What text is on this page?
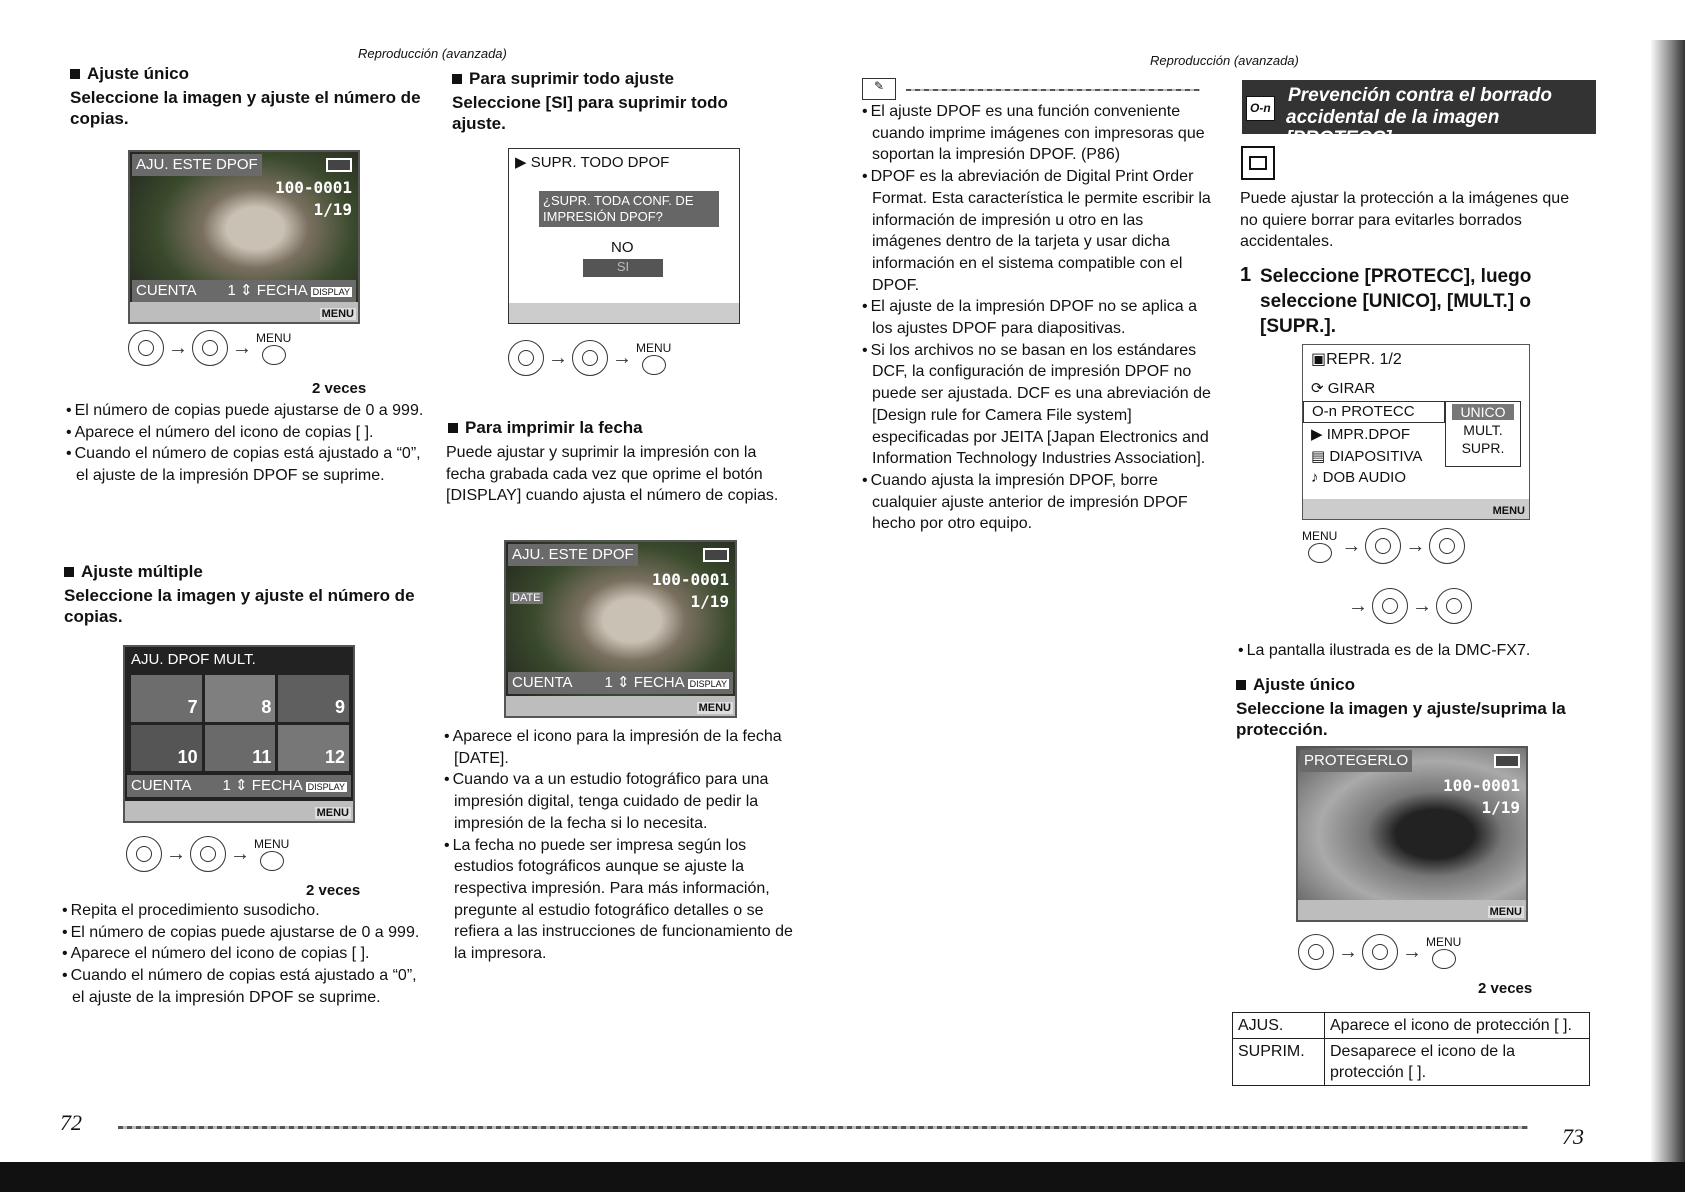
Reproducción (avanzada)	Reproducción (avanzada)
Ajuste único
Seleccione la imagen y ajuste el número de copias.
AJU. ESTE DPOF
100-0001
1/19
CUENTA 1 ⇕ FECHA DISPLAY
MENU
→ → MENU
2 veces
• El número de copias puede ajustarse de 0 a 999.
• Aparece el número del icono de copias [ ].
• Cuando el número de copias está ajustado a “0”, el ajuste de la impresión DPOF se suprime.
Ajuste múltiple
Seleccione la imagen y ajuste el número de copias.
AJU. DPOF MULT.
7	8	9
10	11	12
CUENTA 1 ⇕ FECHA DISPLAY
MENU
→ → MENU
2 veces
• Repita el procedimiento susodicho.
• El número de copias puede ajustarse de 0 a 999.
• Aparece el número del icono de copias [ ].
• Cuando el número de copias está ajustado a “0”, el ajuste de la impresión DPOF se suprime.
Para suprimir todo ajuste
Seleccione [SI] para suprimir todo ajuste.
▶ SUPR. TODO DPOF
¿SUPR. TODA CONF. DE IMPRESIÓN DPOF?
NO
SI
→ → MENU
Para imprimir la fecha
Puede ajustar y suprimir la impresión con la fecha grabada cada vez que oprime el botón [DISPLAY] cuando ajusta el número de copias.
AJU. ESTE DPOF
100-0001
1/19
DATE
CUENTA 1 ⇕ FECHA DISPLAY
MENU
• Aparece el icono para la impresión de la fecha [DATE].
• Cuando va a un estudio fotográfico para una impresión digital, tenga cuidado de pedir la impresión de la fecha si lo necesita.
• La fecha no puede ser impresa según los estudios fotográficos aunque se ajuste la respectiva impresión. Para más información, pregunte al estudio fotográfico detalles o se refiera a las instrucciones de funcionamiento de la impresora.
✎
• El ajuste DPOF es una función conveniente cuando imprime imágenes con impresoras que soportan la impresión DPOF. (P86)
• DPOF es la abreviación de Digital Print Order Format. Esta característica le permite escribir la información de impresión u otro en las imágenes dentro de la tarjeta y usar dicha información en el sistema compatible con el DPOF.
• El ajuste de la impresión DPOF no se aplica a los ajustes DPOF para diapositivas.
• Si los archivos no se basan en los estándares DCF, la configuración de impresión DPOF no puede ser ajustada. DCF es una abreviación de [Design rule for Camera File system] especificadas por JEITA [Japan Electronics and Information Technology Industries Association].
• Cuando ajusta la impresión DPOF, borre cualquier ajuste anterior de impresión DPOF hecho por otro equipo.
O-n
Prevención contra el borrado
accidental de la imagen [PROTECC]
Puede ajustar la protección a la imágenes que no quiere borrar para evitarles borrados accidentales.
1 Seleccione [PROTECC], luego seleccione [UNICO], [MULT.] o [SUPR.].
▣REPR. 1/2
⟳ GIRAR
O-n PROTECC
▶ IMPR.DPOF
▤ DIAPOSITIVA
♪ DOB AUDIO
UNICO
MULT.
SUPR.
MENU
MENU → →
→ →
• La pantalla ilustrada es de la DMC-FX7.
Ajuste único
Seleccione la imagen y ajuste/suprima la protección.
PROTEGERLO
100-0001
1/19
MENU
→ → MENU
2 veces
AJUS.	Aparece el icono de protección [ ].
SUPRIM.	Desaparece el icono de la protección [ ].
72
73
